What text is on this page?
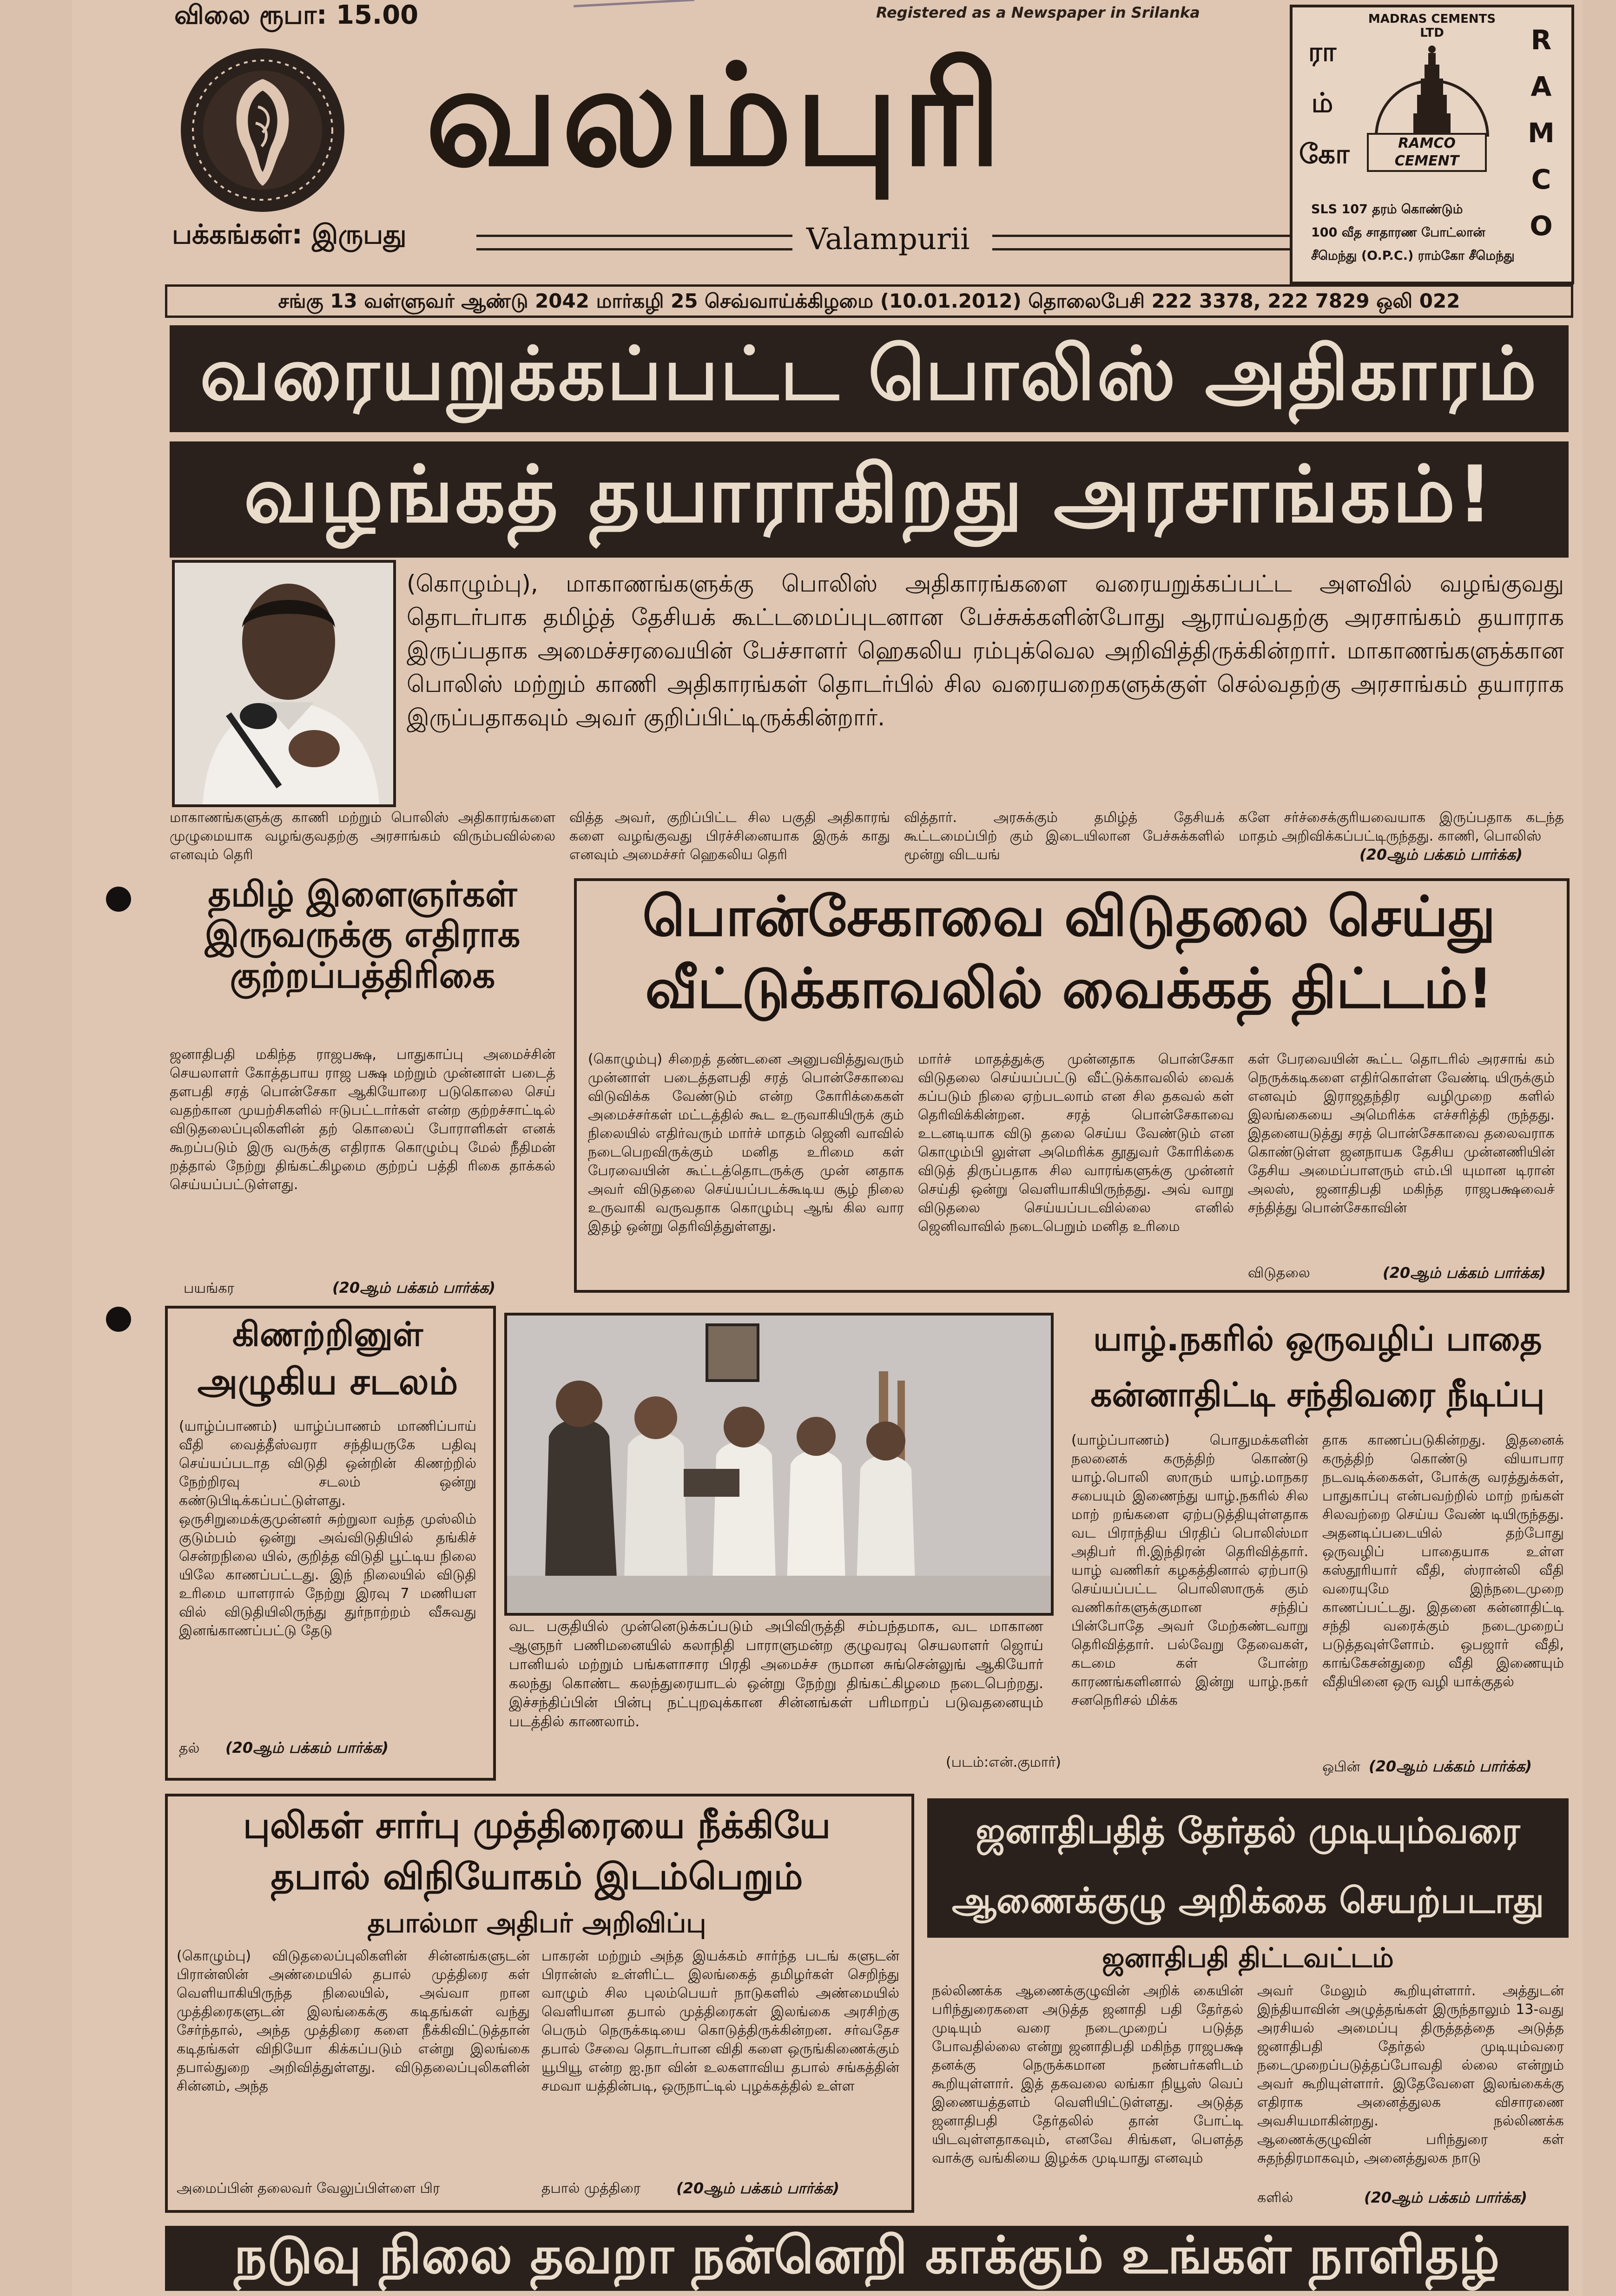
விலை ரூபா: 15.00	Registered as a Newspaper in Srilanka
வலம்புரி
பக்கங்கள்: இருபது	Valampurii
ரா
ம்
கோ
MADRAS CEMENTS LTD
RAMCO CEMENT
R
A
M
C
O
SLS 107 தரம் கொண்டும்
100 வீத சாதாரண போட்லான்
சீமெந்து (O.P.C.) ராம்கோ சீமெந்து
சங்கு 13 வள்ளுவர் ஆண்டு 2042 மார்கழி 25 செவ்வாய்க்கிழமை (10.01.2012) தொலைபேசி 222 3378, 222 7829 ஒலி 022
வரையறுக்கப்பட்ட பொலிஸ் அதிகாரம்
வழங்கத் தயாராகிறது அரசாங்கம்!
(கொழும்பு), மாகாணங்களுக்கு பொலிஸ் அதிகாரங்களை வரையறுக்கப்பட்ட அளவில் வழங்குவது தொடர்பாக தமிழ்த் தேசியக் கூட்டமைப்புடனான பேச்சுக்களின்போது ஆராய்வதற்கு அரசாங்கம் தயாராக இருப்பதாக அமைச்சரவையின் பேச்சாளர் ஹெகலிய ரம்புக்வெல அறிவித்திருக்கின்றார். மாகாணங்களுக்கான பொலிஸ் மற்றும் காணி அதிகாரங்கள் தொடர்பில் சில வரையறைகளுக்குள் செல்வதற்கு அரசாங்கம் தயாராக இருப்பதாகவும் அவர் குறிப்பிட்டிருக்கின்றார்.
மாகாணங்களுக்கு காணி மற்றும் பொலிஸ் அதிகாரங்களை முழுமையாக வழங்குவதற்கு அரசாங்கம் விரும்பவில்லை எனவும் தெரி
வித்த அவர், குறிப்பிட்ட சில பகுதி அதிகாரங் களை வழங்குவது பிரச்சினையாக இருக் காது எனவும் அமைச்சர் ஹெகலிய தெரி
வித்தார். அரசுக்கும் தமிழ்த் தேசியக் கூட்டமைப்பிற் கும் இடையிலான பேச்சுக்களில் மூன்று விடயங்
களே சர்ச்சைக்குரியவையாக இருப்பதாக கடந்த மாதம் அறிவிக்கப்பட்டிருந்தது. காணி, பொலிஸ்
(20ஆம் பக்கம் பார்க்க)
தமிழ் இளைஞர்கள் இருவருக்கு எதிராக குற்றப்பத்திரிகை
ஜனாதிபதி மகிந்த ராஜபக்ஷ, பாதுகாப்பு அமைச்சின் செயலாளர் கோத்தபாய ராஜ பக்ஷ மற்றும் முன்னாள் படைத் தளபதி சரத் பொன்சேகா ஆகியோரை படுகொலை செய் வதற்கான முயற்சிகளில் ஈடுபட்டார்கள் என்ற குற்றச்சாட்டில் விடுதலைப்புலிகளின் தற் கொலைப் போராளிகள் எனக் கூறப்படும் இரு வருக்கு எதிராக கொழும்பு மேல் நீதிமன் றத்தால் நேற்று திங்கட்கிழமை குற்றப் பத்தி ரிகை தாக்கல் செய்யப்பட்டுள்ளது.
பயங்கர	(20ஆம் பக்கம் பார்க்க)
பொன்சேகாவை விடுதலை செய்து
வீட்டுக்காவலில் வைக்கத் திட்டம்!
(கொழும்பு) சிறைத் தண்டனை அனுபவித்துவரும் முன்னாள் படைத்தளபதி சரத் பொன்சேகாவை விடுவிக்க வேண்டும் என்ற கோரிக்கைகள் அமைச்சர்கள் மட்டத்தில் கூட உருவாகியிருக் கும் நிலையில் எதிர்வரும் மார்ச் மாதம் ஜெனி வாவில் நடைபெறவிருக்கும் மனித உரிமை கள் பேரவையின் கூட்டத்தொடருக்கு முன் னதாக அவர் விடுதலை செய்யப்படக்கூடிய சூழ் நிலை உருவாகி வருவதாக கொழும்பு ஆங் கில வார இதழ் ஒன்று தெரிவித்துள்ளது.
மார்ச் மாதத்துக்கு முன்னதாக பொன்சேகா விடுதலை செய்யப்பட்டு வீட்டுக்காவலில் வைக் கப்படும் நிலை ஏற்படலாம் என சில தகவல் கள் தெரிவிக்கின்றன. சரத் பொன்சேகாவை உடனடியாக விடு தலை செய்ய வேண்டும் என கொழும்பி லுள்ள அமெரிக்க தூதுவர் கோரிக்கை விடுத் திருப்பதாக சில வாரங்களுக்கு முன்னர் செய்தி ஒன்று வெளியாகியிருந்தது. அவ் வாறு விடுதலை செய்யப்படவில்லை எனில் ஜெனிவாவில் நடைபெறும் மனித உரிமை
கள் பேரவையின் கூட்ட தொடரில் அரசாங் கம் நெருக்கடிகளை எதிர்கொள்ள வேண்டி யிருக்கும் எனவும் இராஜதந்திர வழிமுறை களில் இலங்கையை அமெரிக்க எச்சரித்தி ருந்தது. இதனையடுத்து சரத் பொன்சேகாவை தலைவராக கொண்டுள்ள ஜனநாயக தேசிய முன்னணியின் தேசிய அமைப்பாளரும் எம்.பி யுமான டிரான் அலஸ், ஜனாதிபதி மகிந்த ராஜபக்ஷவைச் சந்தித்து பொன்சேகாவின்
விடுதலை	(20ஆம் பக்கம் பார்க்க)
கிணற்றினுள்
அழுகிய சடலம்
(யாழ்ப்பாணம்) யாழ்ப்பாணம் மாணிப்பாய் வீதி வைத்தீஸ்வரா சந்தியருகே பதிவு செய்யப்படாத விடுதி ஒன்றின் கிணற்றில் நேற்றிரவு சடலம் ஒன்று கண்டுபிடிக்கப்பட்டுள்ளது. ஒருசிறுமைக்குமுன்னர் சுற்றுலா வந்த முஸ்லிம் குடும்பம் ஒன்று அவ்விடுதியில் தங்கிச் சென்றநிலை யில், குறித்த விடுதி பூட்டிய நிலை யிலே காணப்பட்டது. இந் நிலையில் விடுதி உரிமை யாளரால் நேற்று இரவு 7 மணியள வில் விடுதியிலிருந்து துர்நாற்றம் வீசுவது இனங்காணப்பட்டு தேடு
தல் (20ஆம் பக்கம் பார்க்க)
வட பகுதியில் முன்னெடுக்கப்படும் அபிவிருத்தி சம்பந்தமாக, வட மாகாண ஆளுநர் பணிமனையில் கலாநிதி பாராளுமன்ற குழுவரவு செயலாளர் ஜொய் பானியல் மற்றும் பங்களாசார பிரதி அமைச்ச ருமான சுங்சென்லுங் ஆகியோர் கலந்து கொண்ட கலந்துரையாடல் ஒன்று நேற்று திங்கட்கிழமை நடைபெற்றது. இச்சந்திப்பின் பின்பு நட்புறவுக்கான சின்னங்கள் பரிமாறப் படுவதனையும் படத்தில் காணலாம்.
(படம்:என்.குமார்)
யாழ்.நகரில் ஒருவழிப் பாதை
கன்னாதிட்டி சந்திவரை நீடிப்பு
(யாழ்ப்பாணம்) பொதுமக்களின் நலனைக் கருத்திற் கொண்டு யாழ்.பொலி ஸாரும் யாழ்.மாநகர சபையும் இணைந்து யாழ்.நகரில் சில மாற் றங்களை ஏற்படுத்தியுள்ளதாக வட பிராந்திய பிரதிப் பொலிஸ்மா அதிபர் ரி.இந்திரன் தெரிவித்தார். யாழ் வணிகர் கழகத்தினால் ஏற்பாடு செய்யப்பட்ட பொலிஸாருக் கும் வணிகர்களுக்குமான சந்திப் பின்போதே அவர் மேற்கண்டவாறு தெரிவித்தார். பல்வேறு தேவைகள், கடமை கள் போன்ற காரணங்களினால் இன்று யாழ்.நகர் சனநெரிசல் மிக்க
தாக காணப்படுகின்றது. இதனைக் கருத்திற் கொண்டு வியாபார நடவடிக்கைகள், போக்கு வரத்துக்கள், பாதுகாப்பு என்பவற்றில் மாற் றங்கள் சிலவற்றை செய்ய வேண் டியிருந்தது. அதனடிப்படையில் தற்போது ஒருவழிப் பாதையாக உள்ள கஸ்தூரியார் வீதி, ஸ்ரான்லி வீதி வரையுமே இந்நடைமுறை காணப்பட்டது. இதனை கன்னாதிட்டி சந்தி வரைக்கும் நடைமுறைப் படுத்தவுள்ளோம். ஒபஜார் வீதி, காங்கேசன்துறை வீதி இணையும் வீதியினை ஒரு வழி யாக்குதல்
ஒபின் (20ஆம் பக்கம் பார்க்க)
புலிகள் சார்பு முத்திரையை நீக்கியே
தபால் விநியோகம் இடம்பெறும்
தபால்மா அதிபர் அறிவிப்பு
(கொழும்பு) விடுதலைப்புலிகளின் சின்னங்களுடன் பிரான்ஸின் அண்மையில் தபால் முத்திரை கள் வெளியாகியிருந்த நிலையில், அவ்வா றான முத்திரைகளுடன் இலங்கைக்கு கடிதங்கள் வந்து சேர்ந்தால், அந்த முத்திரை களை நீக்கிவிட்டுத்தான் கடிதங்கள் விநியோ கிக்கப்படும் என்று இலங்கை தபால்துறை அறிவித்துள்ளது. விடுதலைப்புலிகளின் சின்னம், அந்த
அமைப்பின் தலைவர் வேலுப்பிள்ளை பிர
பாகரன் மற்றும் அந்த இயக்கம் சார்ந்த படங் களுடன் பிரான்ஸ் உள்ளிட்ட இலங்கைத் தமிழர்கள் செறிந்து வாழும் சில புலம்பெயர் நாடுகளில் அண்மையில் வெளியான தபால் முத்திரைகள் இலங்கை அரசிற்கு பெரும் நெருக்கடியை கொடுத்திருக்கின்றன. சர்வதேச தபால் சேவை தொடர்பான விதி களை ஒருங்கிணைக்கும் யூபியூ என்ற ஐ.நா வின் உலகளாவிய தபால் சங்கத்தின் சமவா யத்தின்படி, ஒருநாட்டில் புழக்கத்தில் உள்ள
தபால் முத்திரை (20ஆம் பக்கம் பார்க்க)
ஜனாதிபதித் தேர்தல் முடியும்வரை
ஆணைக்குழு அறிக்கை செயற்படாது
ஜனாதிபதி திட்டவட்டம்
நல்லிணக்க ஆணைக்குழுவின் அறிக் கையின் பரிந்துரைகளை அடுத்த ஜனாதி பதி தேர்தல் முடியும் வரை நடைமுறைப் படுத்த போவதில்லை என்று ஜனாதிபதி மகிந்த ராஜபக்ஷ தனக்கு நெருக்கமான நண்பர்களிடம் கூறியுள்ளார். இத் தகவலை லங்கா நியூஸ் வெப் இணையத்தளம் வெளியிட்டுள்ளது. அடுத்த ஜனாதிபதி தேர்தலில் தான் போட்டி யிடவுள்ளதாகவும், எனவே சிங்கள, பௌத்த வாக்கு வங்கியை இழக்க முடியாது எனவும்
அவர் மேலும் கூறியுள்ளார். அத்துடன் இந்தியாவின் அழுத்தங்கள் இருந்தாலும் 13-வது அரசியல் அமைப்பு திருத்தத்தை அடுத்த ஜனாதிபதி தேர்தல் முடியும்வரை நடைமுறைப்படுத்தப்போவதி ல்லை என்றும் அவர் கூறியுள்ளார். இதேவேளை இலங்கைக்கு எதிராக அனைத்துலக விசாரணை அவசியமாகின்றது. நல்லிணக்க ஆணைக்குழுவின் பரிந்துரை கள் சுதந்திரமாகவும், அனைத்துலக நாடு
களில்	(20ஆம் பக்கம் பார்க்க)
நடுவு நிலை தவறா நன்னெறி காக்கும் உங்கள் நாளிதழ்
